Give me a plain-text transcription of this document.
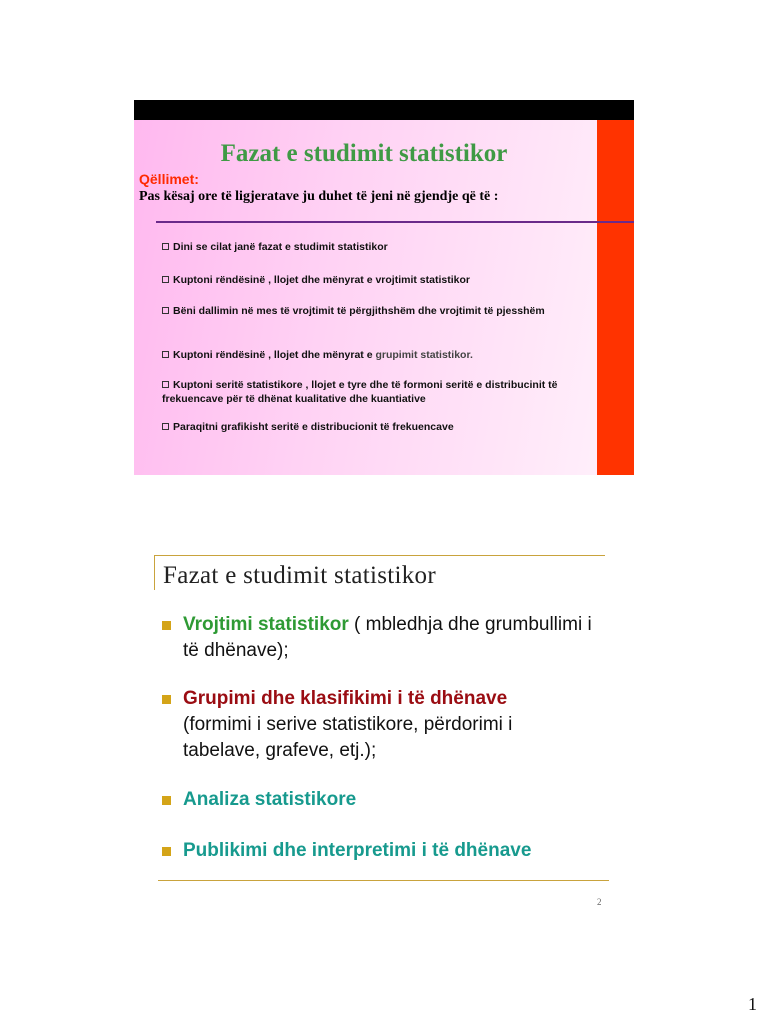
Fazat e studimit statistikor
Qëllimet:
Pas kësaj ore të ligjeratave ju duhet të jeni në gjendje që të :
Dini se cilat janë fazat e studimit statistikor
Kuptoni rëndësinë , llojet dhe mënyrat e vrojtimit statistikor
Bëni dallimin në mes të vrojtimit të përgjithshëm dhe vrojtimit të pjesshëm
Kuptoni rëndësinë , llojet dhe mënyrat e grupimit statistikor.
Kuptoni seritë statistikore , llojet e tyre dhe të formoni seritë e distribucinit të frekuencave për të dhënat kualitative dhe kuantiative
Paraqitni grafikisht seritë e distribucionit të frekuencave
Fazat e studimit statistikor
Vrojtimi statistikor ( mbledhja dhe grumbullimi i të dhënave);
Grupimi dhe klasifikimi i të dhënave
(formimi i serive statistikore, përdorimi i tabelave, grafeve, etj.);
Analiza statistikore
Publikimi dhe interpretimi i të dhënave
2
1
